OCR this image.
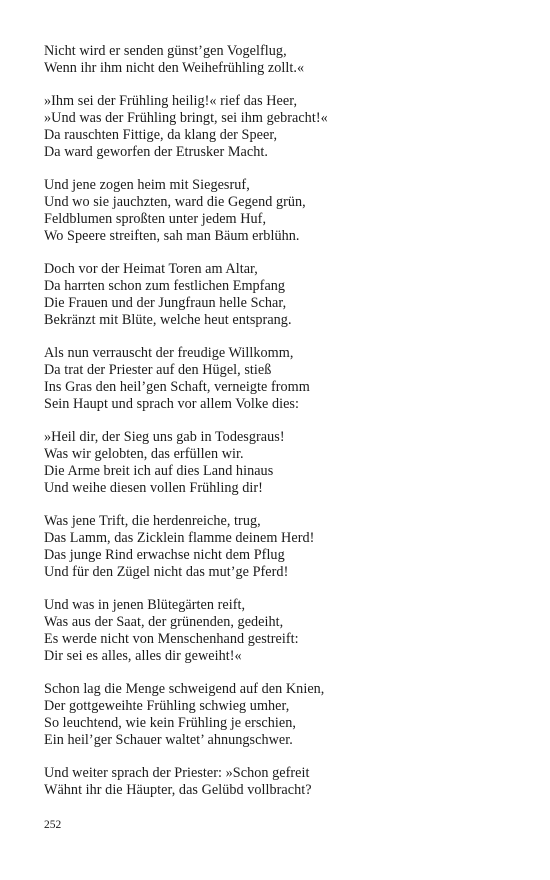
Nicht wird er senden günst’gen Vogelflug,
Wenn ihr ihm nicht den Weihefrühling zollt.«
»Ihm sei der Frühling heilig!« rief das Heer,
»Und was der Frühling bringt, sei ihm gebracht!«
Da rauschten Fittige, da klang der Speer,
Da ward geworfen der Etrusker Macht.
Und jene zogen heim mit Siegesruf,
Und wo sie jauchzten, ward die Gegend grün,
Feldblumen sproßten unter jedem Huf,
Wo Speere streiften, sah man Bäum erblühn.
Doch vor der Heimat Toren am Altar,
Da harrten schon zum festlichen Empfang
Die Frauen und der Jungfraun helle Schar,
Bekränzt mit Blüte, welche heut entsprang.
Als nun verrauscht der freudige Willkomm,
Da trat der Priester auf den Hügel, stieß
Ins Gras den heil’gen Schaft, verneigte fromm
Sein Haupt und sprach vor allem Volke dies:
»Heil dir, der Sieg uns gab in Todesgraus!
Was wir gelobten, das erfüllen wir.
Die Arme breit ich auf dies Land hinaus
Und weihe diesen vollen Frühling dir!
Was jene Trift, die herdenreiche, trug,
Das Lamm, das Zicklein flamme deinem Herd!
Das junge Rind erwachse nicht dem Pflug
Und für den Zügel nicht das mut’ge Pferd!
Und was in jenen Blütegärten reift,
Was aus der Saat, der grünenden, gedeiht,
Es werde nicht von Menschenhand gestreift:
Dir sei es alles, alles dir geweiht!«
Schon lag die Menge schweigend auf den Knien,
Der gottgeweihte Frühling schwieg umher,
So leuchtend, wie kein Frühling je erschien,
Ein heil’ger Schauer waltet’ ahnungschwer.
Und weiter sprach der Priester: »Schon gefreit
Wähnt ihr die Häupter, das Gelübd vollbracht?
252
